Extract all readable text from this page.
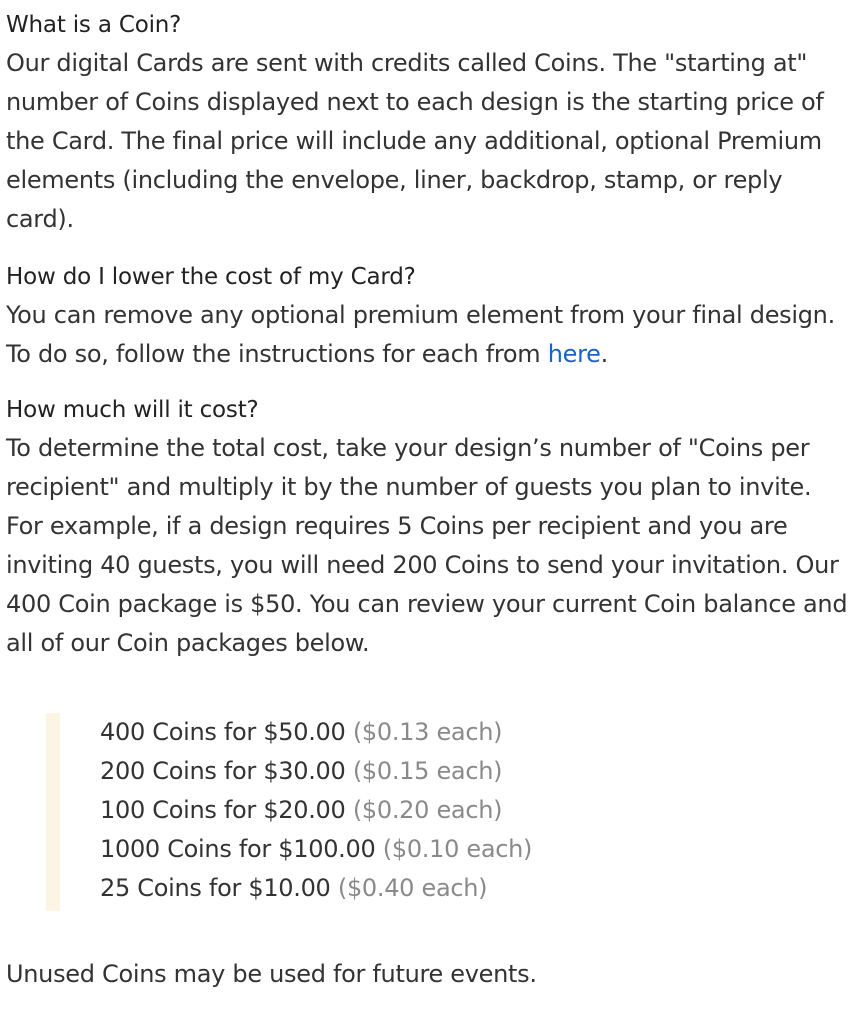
What is a Coin?

Our digital Cards are sent with credits called Coins. The "starting at" number of Coins displayed next to each design is the starting price of the Card. The final price will include any additional, optional Premium elements (including the envelope, liner, backdrop, stamp, or reply card).

How do I lower the cost of my Card?

You can remove any optional premium element from your final design. To do so, follow the instructions for each from here.

How much will it cost?

To determine the total cost, take your design’s number of "Coins per recipient" and multiply it by the number of guests you plan to invite. For example, if a design requires 5 Coins per recipient and you are inviting 40 guests, you will need 200 Coins to send your invitation. Our 400 Coin package is $50. You can review your current Coin balance and all of our Coin packages below.

400 Coins for $50.00 ($0.13 each)
200 Coins for $30.00 ($0.15 each)
100 Coins for $20.00 ($0.20 each)
1000 Coins for $100.00 ($0.10 each)
25 Coins for $10.00 ($0.40 each)

Unused Coins may be used for future events.
